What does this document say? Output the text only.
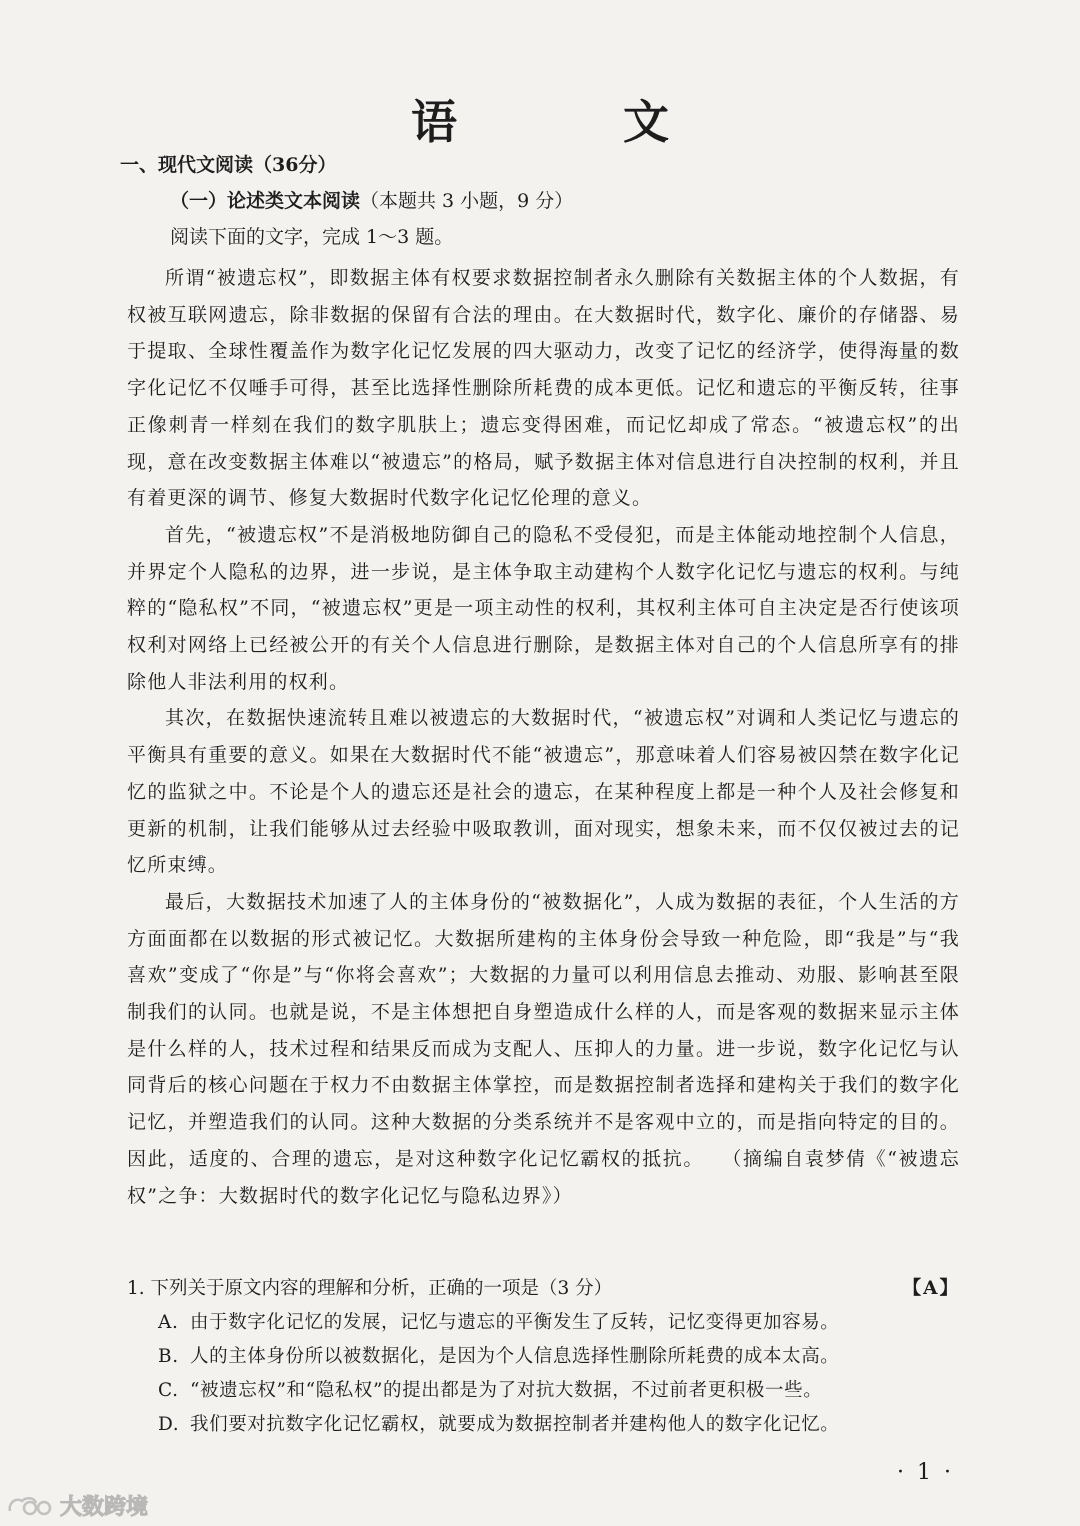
语　文
一、现代文阅读（36分）
（一）论述类文本阅读（本题共 3 小题，9 分）
阅读下面的文字，完成 1～3 题。

所谓“被遗忘权”，即数据主体有权要求数据控制者永久删除有关数据主体的个人数据，有权被互联网遗忘，除非数据的保留有合法的理由。在大数据时代，数字化、廉价的存储器、易于提取、全球性覆盖作为数字化记忆发展的四大驱动力，改变了记忆的经济学，使得海量的数字化记忆不仅唾手可得，甚至比选择性删除所耗费的成本更低。记忆和遗忘的平衡反转，往事正像刺青一样刻在我们的数字肌肤上；遗忘变得困难，而记忆却成了常态。“被遗忘权”的出现，意在改变数据主体难以“被遗忘”的格局，赋予数据主体对信息进行自决控制的权利，并且有着更深的调节、修复大数据时代数字化记忆伦理的意义。

首先，“被遗忘权”不是消极地防御自己的隐私不受侵犯，而是主体能动地控制个人信息，并界定个人隐私的边界，进一步说，是主体争取主动建构个人数字化记忆与遗忘的权利。与纯粹的“隐私权”不同，“被遗忘权”更是一项主动性的权利，其权利主体可自主决定是否行使该项权利对网络上已经被公开的有关个人信息进行删除，是数据主体对自己的个人信息所享有的排除他人非法利用的权利。

其次，在数据快速流转且难以被遗忘的大数据时代，“被遗忘权”对调和人类记忆与遗忘的平衡具有重要的意义。如果在大数据时代不能“被遗忘”，那意味着人们容易被囚禁在数字化记忆的监狱之中。不论是个人的遗忘还是社会的遗忘，在某种程度上都是一种个人及社会修复和更新的机制，让我们能够从过去经验中吸取教训，面对现实，想象未来，而不仅仅被过去的记忆所束缚。

最后，大数据技术加速了人的主体身份的“被数据化”，人成为数据的表征，个人生活的方方面面都在以数据的形式被记忆。大数据所建构的主体身份会导致一种危险，即“我是”与“我喜欢”变成了“你是”与“你将会喜欢”；大数据的力量可以利用信息去推动、劝服、影响甚至限制我们的认同。也就是说，不是主体想把自身塑造成什么样的人，而是客观的数据来显示主体是什么样的人，技术过程和结果反而成为支配人、压抑人的力量。进一步说，数字化记忆与认同背后的核心问题在于权力不由数据主体掌控，而是数据控制者选择和建构关于我们的数字化记忆，并塑造我们的认同。这种大数据的分类系统并不是客观中立的，而是指向特定的目的。因此，适度的、合理的遗忘，是对这种数字化记忆霸权的抵抗。 （摘编自袁梦倩《“被遗忘权”之争：大数据时代的数字化记忆与隐私边界》）

1. 下列关于原文内容的理解和分析，正确的一项是（3 分）	【A】
A. 由于数字化记忆的发展，记忆与遗忘的平衡发生了反转，记忆变得更加容易。
B. 人的主体身份所以被数据化，是因为个人信息选择性删除所耗费的成本太高。
C. “被遗忘权”和“隐私权”的提出都是为了对抗大数据，不过前者更积极一些。
D. 我们要对抗数字化记忆霸权，就要成为数据控制者并建构他人的数字化记忆。
· 1 ·
大数跨境
